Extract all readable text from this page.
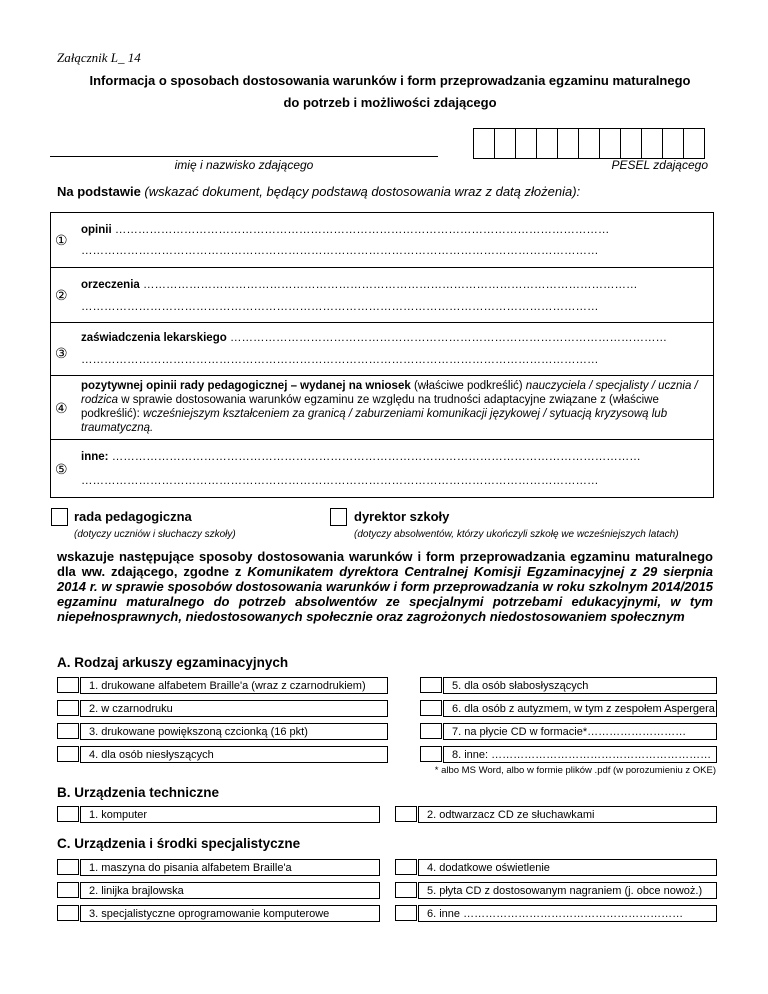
Załącznik L_ 14
Informacja o sposobach dostosowania warunków i form przeprowadzania egzaminu maturalnego
do potrzeb i możliwości zdającego
imię i nazwisko zdającego	PESEL zdającego
Na podstawie (wskazać dokument, będący podstawą dostosowania wraz z datą złożenia):
①
opinii …………………………………………………………………………………………………………………
………………………………………………………………………………………………………………………
②
orzeczenia …………………………………………………………………………………………………………………
………………………………………………………………………………………………………………………
③
zaświadczenia lekarskiego ……………………………………………………………………………………………………
………………………………………………………………………………………………………………………
④
pozytywnej opinii rady pedagogicznej – wydanej na wniosek (właściwe podkreślić) nauczyciela / specjalisty / ucznia / rodzica w sprawie dostosowania warunków egzaminu ze względu na trudności adaptacyjne związane z (właściwe podkreślić): wcześniejszym kształceniem za granicą / zaburzeniami komunikacji językowej / sytuacją kryzysową lub traumatyczną.
⑤
inne: …………………………………………………………………………………………………………………………
………………………………………………………………………………………………………………………
rada pedagogiczna
(dotyczy uczniów i słuchaczy szkoły)
dyrektor szkoły
(dotyczy absolwentów, którzy ukończyli szkołę we wcześniejszych latach)
wskazuje następujące sposoby dostosowania warunków i form przeprowadzania egzaminu maturalnego dla ww. zdającego, zgodne z Komunikatem dyrektora Centralnej Komisji Egzaminacyjnej z 29 sierpnia 2014 r. w sprawie sposobów dostosowania warunków i form przeprowadzania w roku szkolnym 2014/2015 egzaminu maturalnego do potrzeb absolwentów ze specjalnymi potrzebami edukacyjnymi, w tym niepełnosprawnych, niedostosowanych społecznie oraz zagrożonych niedostosowaniem społecznym
A. Rodzaj arkuszy egzaminacyjnych
1. drukowane alfabetem Braille'a (wraz z czarnodrukiem)
2. w czarnodruku
3. drukowane powiększoną czcionką (16 pkt)
4. dla osób niesłyszących
5. dla osób słabosłyszących
6. dla osób z autyzmem, w tym z zespołem Aspergera
7. na płycie CD w formacie*………………………
8. inne: ……………………………………………………
* albo MS Word, albo w formie plików .pdf (w porozumieniu z OKE)
B. Urządzenia techniczne
1. komputer	2. odtwarzacz CD ze słuchawkami
C. Urządzenia i środki specjalistyczne
1. maszyna do pisania alfabetem Braille'a
2. linijka brajlowska
3. specjalistyczne oprogramowanie komputerowe
4. dodatkowe oświetlenie
5. płyta CD z dostosowanym nagraniem (j. obce nowoż.)
6. inne ……………………………………………………
